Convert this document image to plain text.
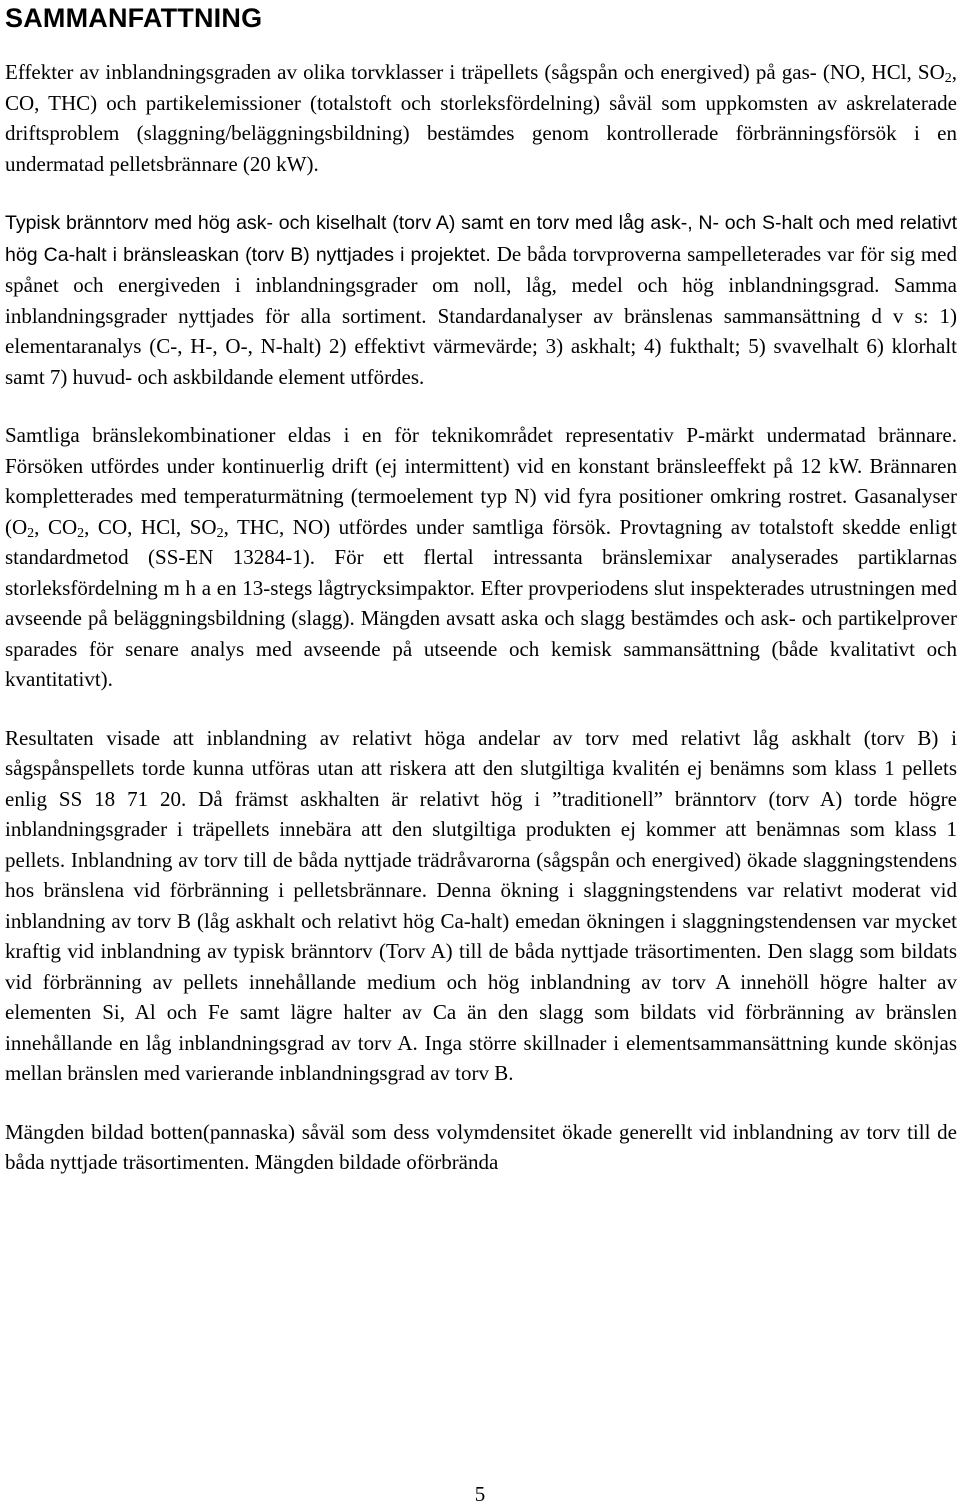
SAMMANFATTNING

Effekter av inblandningsgraden av olika torvklasser i träpellets (sågspån och energived) på gas- (NO, HCl, $SO_2$, CO, THC) och partikelemissioner (totalstoft och storleksfördelning) såväl som uppkomsten av askrelaterade driftsproblem (slaggning/beläggningsbildning) bestämdes genom kontrollerade förbränningsförsök i en undermatad pelletsbrännare (20 kW).

Typisk bränntorv med hög ask- och kiselhalt (torv A) samt en torv med låg ask-, N- och S-halt och med relativt hög Ca-halt i bränsleaskan (torv B) nyttjades i projektet. De båda torvproverna sampelleterades var för sig med spånet och energiveden i inblandningsgrader om noll, låg, medel och hög inblandningsgrad. Samma inblandningsgrader nyttjades för alla sortiment. Standardanalyser av bränslenas sammansättning d v s: 1) elementaranalys (C-, H-, O-, N-halt) 2) effektivt värmevärde; 3) askhalt; 4) fukthalt; 5) svavelhalt 6) klorhalt samt 7) huvud- och askbildande element utfördes.

Samtliga bränslekombinationer eldas i en för teknikområdet representativ P-märkt undermatad brännare. Försöken utfördes under kontinuerlig drift (ej intermittent) vid en konstant bränsleeffekt på 12 kW. Brännaren kompletterades med temperaturmätning (termoelement typ N) vid fyra positioner omkring rostret. Gasanalyser ($O_2$, $CO_2$, CO, HCl, $SO_2$, THC, NO) utfördes under samtliga försök. Provtagning av totalstoft skedde enligt standardmetod (SS-EN 13284-1). För ett flertal intressanta bränslemixar analyserades partiklarnas storleksfördelning m h a en 13-stegs lågtrycksimpaktor. Efter provperiodens slut inspekterades utrustningen med avseende på beläggningsbildning (slagg). Mängden avsatt aska och slagg bestämdes och ask- och partikelprover sparades för senare analys med avseende på utseende och kemisk sammansättning (både kvalitativt och kvantitativt).

Resultaten visade att inblandning av relativt höga andelar av torv med relativt låg askhalt (torv B) i sågspånspellets torde kunna utföras utan att riskera att den slutgiltiga kvalitén ej benämns som klass 1 pellets enlig SS 18 71 20. Då främst askhalten är relativt hög i ”traditionell” bränntorv (torv A) torde högre inblandningsgrader i träpellets innebära att den slutgiltiga produkten ej kommer att benämnas som klass 1 pellets. Inblandning av torv till de båda nyttjade trädråvarorna (sågspån och energived) ökade slaggningstendens hos bränslena vid förbränning i pelletsbrännare. Denna ökning i slaggningstendens var relativt moderat vid inblandning av torv B (låg askhalt och relativt hög Ca-halt) emedan ökningen i slaggningstendensen var mycket kraftig vid inblandning av typisk bränntorv (Torv A) till de båda nyttjade träsortimenten. Den slagg som bildats vid förbränning av pellets innehållande medium och hög inblandning av torv A innehöll högre halter av elementen Si, Al och Fe samt lägre halter av Ca än den slagg som bildats vid förbränning av bränslen innehållande en låg inblandningsgrad av torv A. Inga större skillnader i elementsammansättning kunde skönjas mellan bränslen med varierande inblandningsgrad av torv B.

Mängden bildad botten(pannaska) såväl som dess volymdensitet ökade generellt vid inblandning av torv till de båda nyttjade träsortimenten. Mängden bildade oförbrända

5
